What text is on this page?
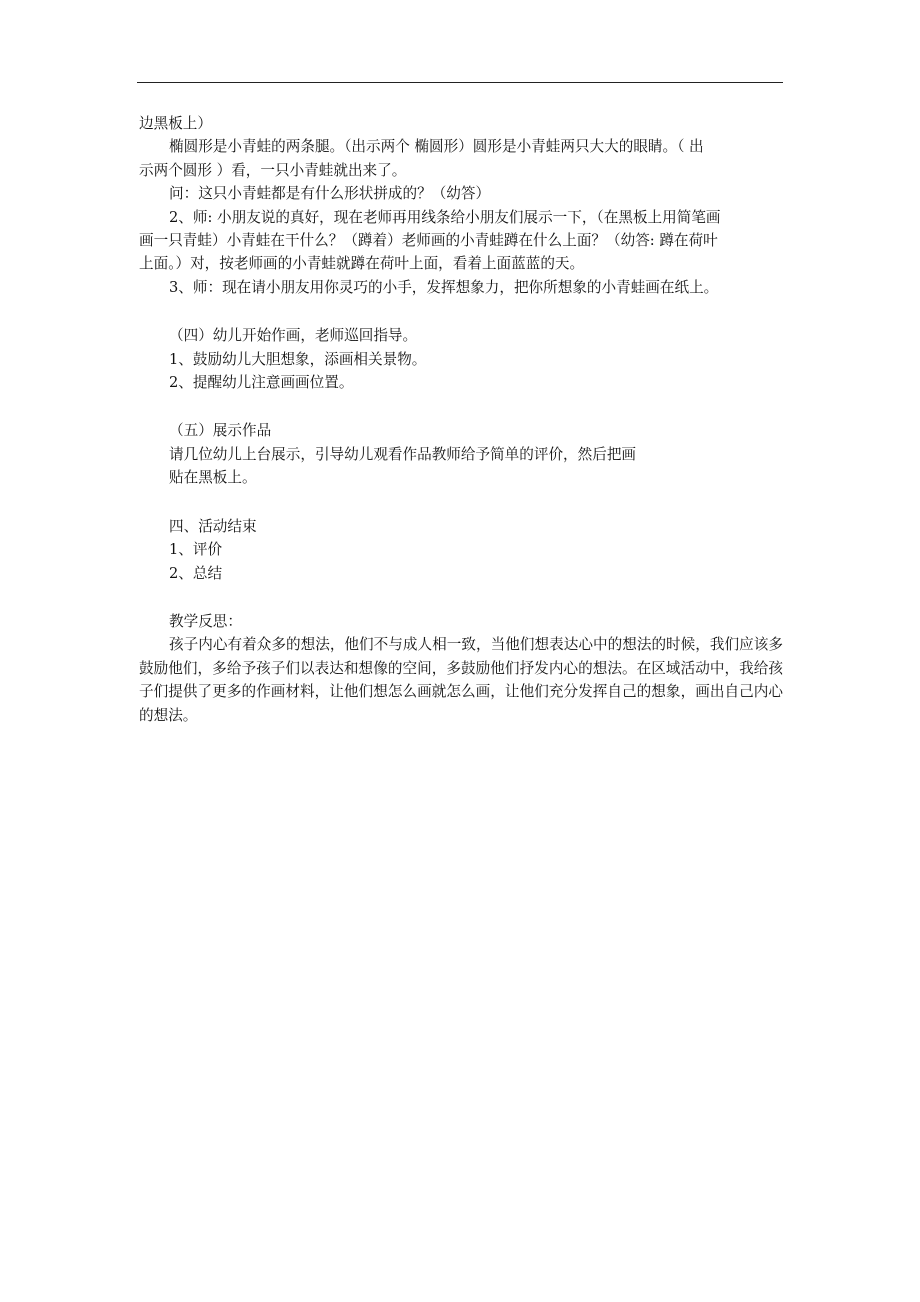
边黑板上）

椭圆形是小青蛙的两条腿。（出示两个 椭圆形）圆形是小青蛙两只大大的眼睛。（ 出

示两个圆形 ）看，一只小青蛙就出来了。

问：这只小青蛙都是有什么形状拼成的？（幼答）

2、师: 小朋友说的真好，现在老师再用线条给小朋友们展示一下，（在黑板上用简笔画

画一只青蛙）小青蛙在干什么？（蹲着）老师画的小青蛙蹲在什么上面？（幼答: 蹲在荷叶

上面。）对，按老师画的小青蛙就蹲在荷叶上面，看着上面蓝蓝的天。

3、师：现在请小朋友用你灵巧的小手，发挥想象力，把你所想象的小青蛙画在纸上。

（四）幼儿开始作画，老师巡回指导。

1、鼓励幼儿大胆想象，添画相关景物。

2、提醒幼儿注意画画位置。

（五）展示作品

请几位幼儿上台展示，引导幼儿观看作品教师给予简单的评价，然后把画

贴在黑板上。

四、活动结束

1、评价

2、总结

教学反思：

孩子内心有着众多的想法，他们不与成人相一致，当他们想表达心中的想法的时候，我们应该多鼓励他们，多给予孩子们以表达和想像的空间，多鼓励他们抒发内心的想法。在区域活动中，我给孩子们提供了更多的作画材料，让他们想怎么画就怎么画，让他们充分发挥自己的想象，画出自己内心的想法。
